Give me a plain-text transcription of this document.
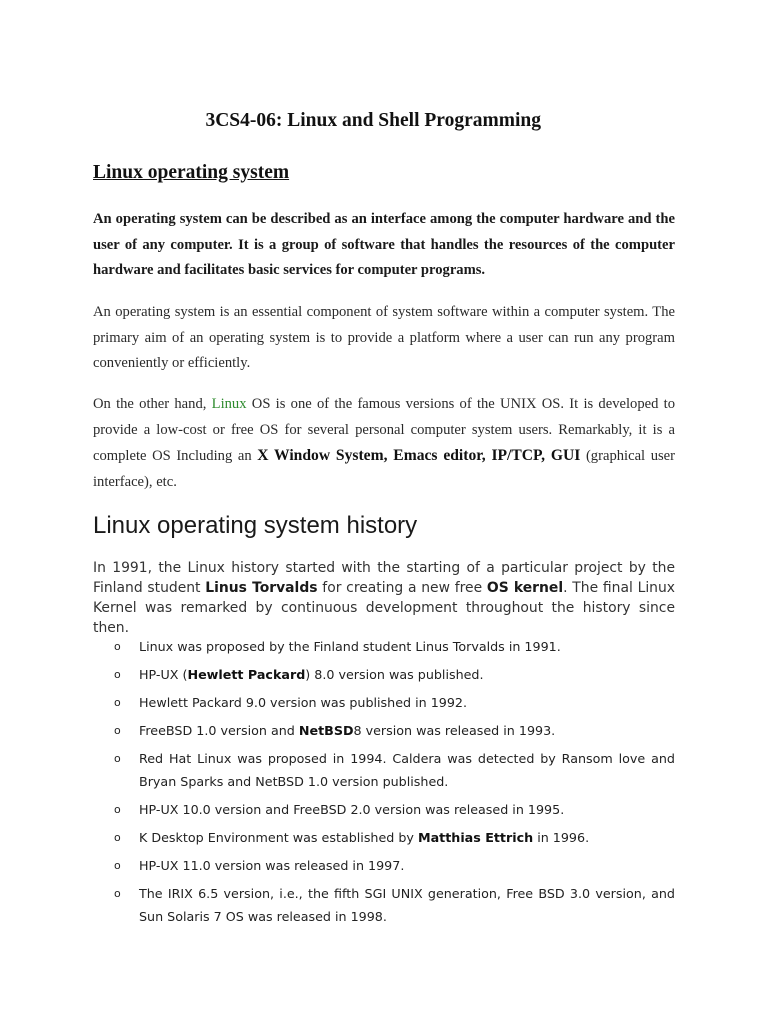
3CS4-06: Linux and Shell Programming
Linux operating system
An operating system can be described as an interface among the computer hardware and the user of any computer. It is a group of software that handles the resources of the computer hardware and facilitates basic services for computer programs.
An operating system is an essential component of system software within a computer system. The primary aim of an operating system is to provide a platform where a user can run any program conveniently or efficiently.
On the other hand, Linux OS is one of the famous versions of the UNIX OS. It is developed to provide a low-cost or free OS for several personal computer system users. Remarkably, it is a complete OS Including an X Window System, Emacs editor, IP/TCP, GUI (graphical user interface), etc.
Linux operating system history
In 1991, the Linux history started with the starting of a particular project by the Finland student Linus Torvalds for creating a new free OS kernel. The final Linux Kernel was remarked by continuous development throughout the history since then.
o Linux was proposed by the Finland student Linus Torvalds in 1991.
o HP-UX (Hewlett Packard) 8.0 version was published.
o Hewlett Packard 9.0 version was published in 1992.
o FreeBSD 1.0 version and NetBSD8 version was released in 1993.
o Red Hat Linux was proposed in 1994. Caldera was detected by Ransom love and Bryan Sparks and NetBSD 1.0 version published.
o HP-UX 10.0 version and FreeBSD 2.0 version was released in 1995.
o K Desktop Environment was established by Matthias Ettrich in 1996.
o HP-UX 11.0 version was released in 1997.
o The IRIX 6.5 version, i.e., the fifth SGI UNIX generation, Free BSD 3.0 version, and Sun Solaris 7 OS was released in 1998.
